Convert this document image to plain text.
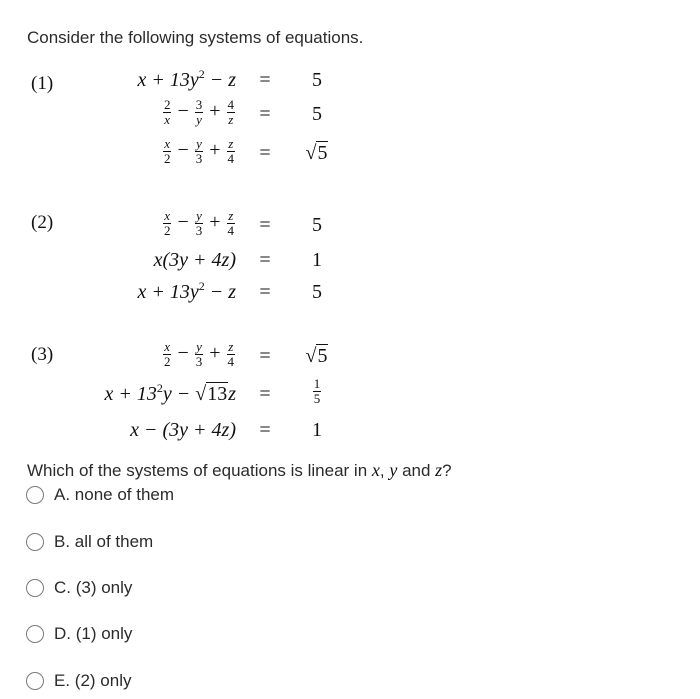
Consider the following systems of equations.
(1)	$x + 13y^2 - z$ =	5
$\frac{2}{x} - \frac{3}{y} + \frac{4}{z}$ =	5
$\frac{x}{2} - \frac{y}{3} + \frac{z}{4} = √5$
(2)	$\frac{x}{2} - \frac{y}{3} + \frac{z}{4}$ =	5
x(3y + 4z) =	1
$x + 13y^2 - z$ =	5
(3)	$\frac{x}{2} - \frac{y}{3} + \frac{z}{4} = √5$
$x + 13^2y - √13z$ =	$\frac{1}{5}$
x − (3y + 4z) =	1
Which of the systems of equations is linear in x, y and z?
A. none of them
B. all of them
C. (3) only
D. (1) only
E. (2) only
